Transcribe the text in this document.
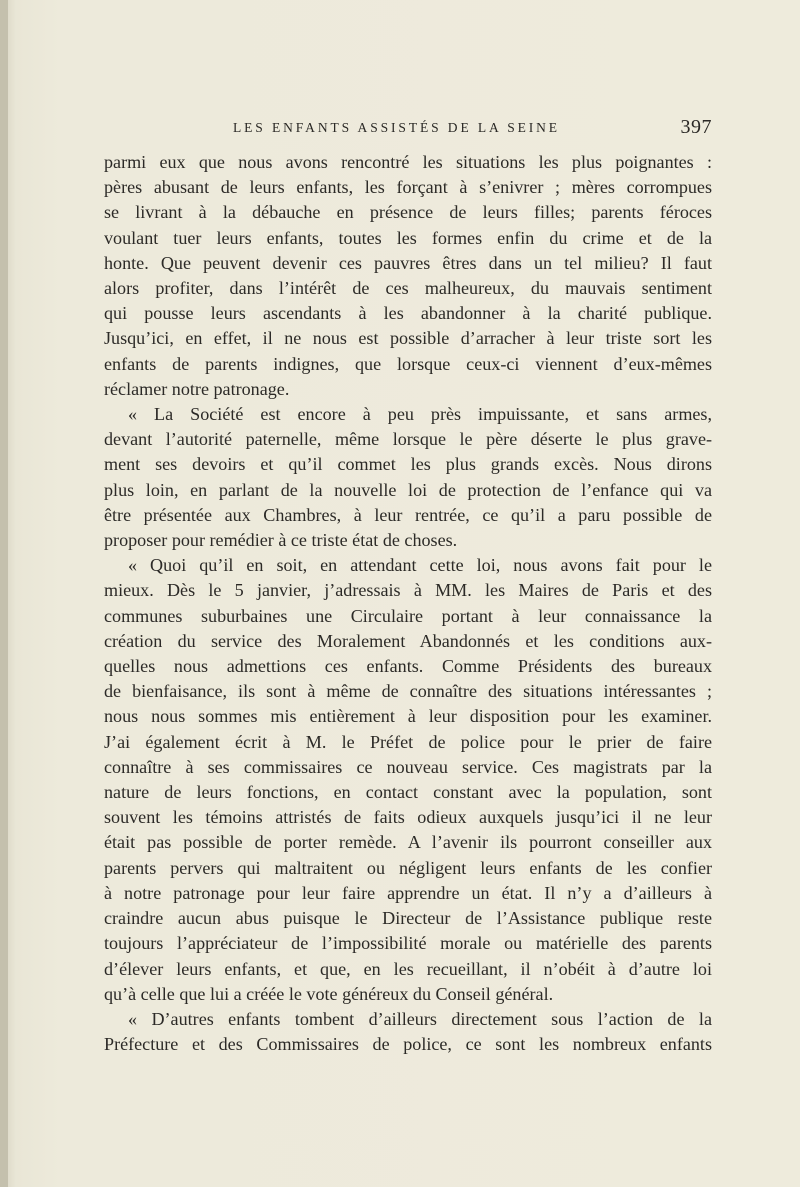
LES ENFANTS ASSISTÉS DE LA SEINE	397

parmi eux que nous avons rencontré les situations les plus poignantes :

pères abusant de leurs enfants, les forçant à s’enivrer ; mères corrompues

se livrant à la débauche en présence de leurs filles; parents féroces

voulant tuer leurs enfants, toutes les formes enfin du crime et de la

honte. Que peuvent devenir ces pauvres êtres dans un tel milieu? Il faut

alors profiter, dans l’intérêt de ces malheureux, du mauvais sentiment

qui pousse leurs ascendants à les abandonner à la charité publique.

Jusqu’ici, en effet, il ne nous est possible d’arracher à leur triste sort les

enfants de parents indignes, que lorsque ceux-ci viennent d’eux-mêmes

réclamer notre patronage.

« La Société est encore à peu près impuissante, et sans armes,

devant l’autorité paternelle, même lorsque le père déserte le plus grave-

ment ses devoirs et qu’il commet les plus grands excès. Nous dirons

plus loin, en parlant de la nouvelle loi de protection de l’enfance qui va

être présentée aux Chambres, à leur rentrée, ce qu’il a paru possible de

proposer pour remédier à ce triste état de choses.

« Quoi qu’il en soit, en attendant cette loi, nous avons fait pour le

mieux. Dès le 5 janvier, j’adressais à MM. les Maires de Paris et des

communes suburbaines une Circulaire portant à leur connaissance la

création du service des Moralement Abandonnés et les conditions aux-

quelles nous admettions ces enfants. Comme Présidents des bureaux

de bienfaisance, ils sont à même de connaître des situations intéressantes ;

nous nous sommes mis entièrement à leur disposition pour les examiner.

J’ai également écrit à M. le Préfet de police pour le prier de faire

connaître à ses commissaires ce nouveau service. Ces magistrats par la

nature de leurs fonctions, en contact constant avec la population, sont

souvent les témoins attristés de faits odieux auxquels jusqu’ici il ne leur

était pas possible de porter remède. A l’avenir ils pourront conseiller aux

parents pervers qui maltraitent ou négligent leurs enfants de les confier

à notre patronage pour leur faire apprendre un état. Il n’y a d’ailleurs à

craindre aucun abus puisque le Directeur de l’Assistance publique reste

toujours l’appréciateur de l’impossibilité morale ou matérielle des parents

d’élever leurs enfants, et que, en les recueillant, il n’obéit à d’autre loi

qu’à celle que lui a créée le vote généreux du Conseil général.

« D’autres enfants tombent d’ailleurs directement sous l’action de la

Préfecture et des Commissaires de police, ce sont les nombreux enfants
